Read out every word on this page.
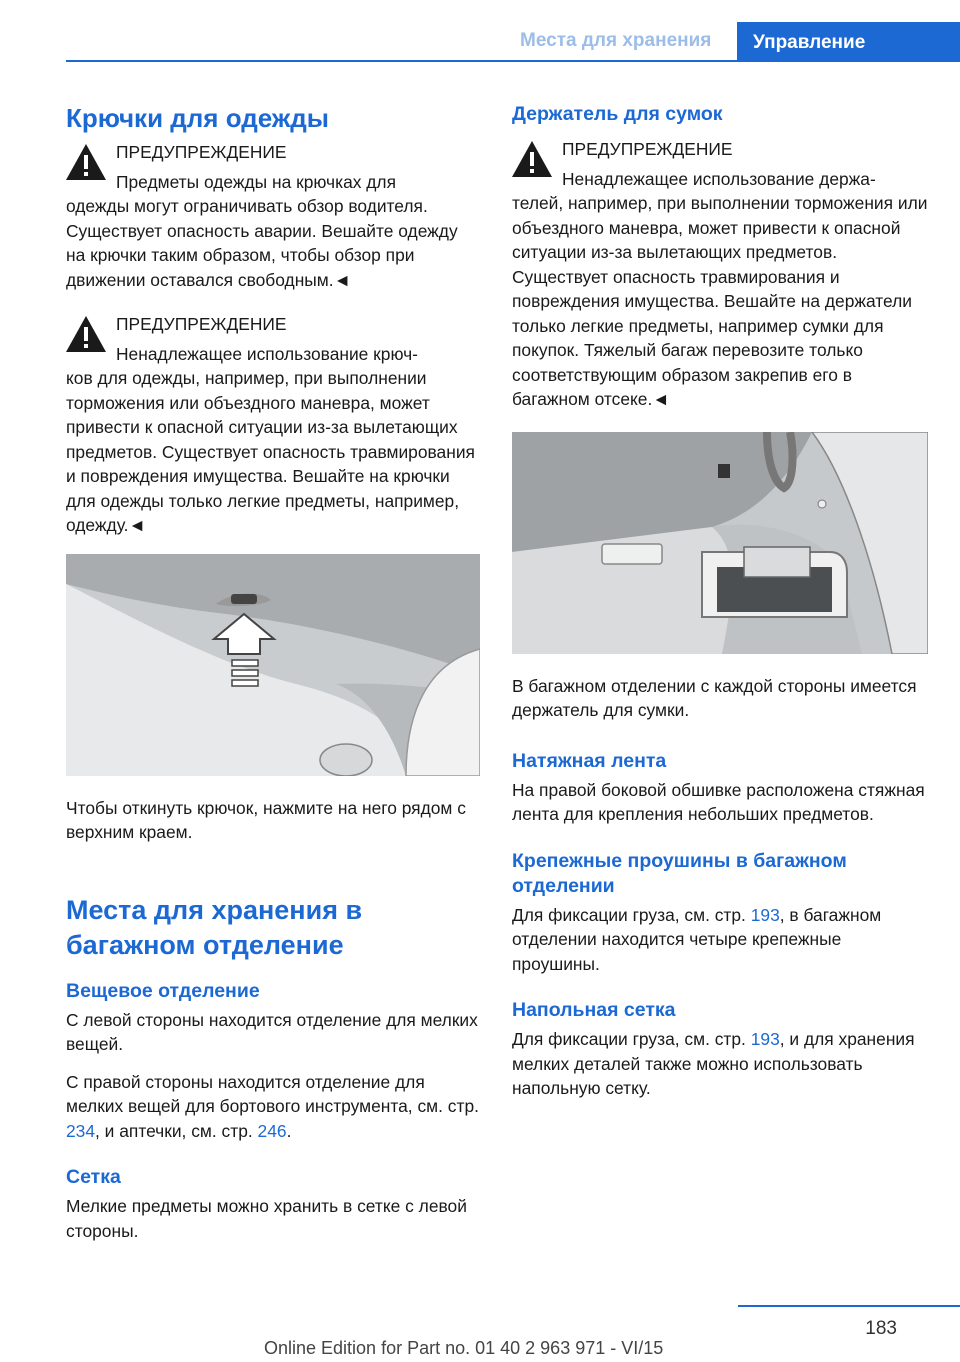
Места для хранения	Управление
Крючки для одежды
ПРЕДУПРЕЖДЕНИЕ
Предметы одежды на крючках для

одежды могут ограничивать обзор водителя. Существует опасность аварии. Вешайте одежду на крючки таким образом, чтобы обзор при движении оставался свободным.◄

ПРЕДУПРЕЖДЕНИЕ
Ненадлежащее использование крюч-

ков для одежды, например, при выполнении торможения или объездного маневра, может привести к опасной ситуации из-за вылетающих предметов. Существует опасность травмирования и повреждения имущества. Вешайте на крючки для одежды только легкие предметы, например, одежду.◄

Чтобы откинуть крючок, нажмите на него рядом с верхним краем.

Места для хранения в багажном отделение
Вещевое отделение

С левой стороны находится отделение для мелких вещей.

С правой стороны находится отделение для мелких вещей для бортового инструмента, см. стр. 234, и аптечки, см. стр. 246.

Сетка

Мелкие предметы можно хранить в сетке с левой стороны.

Держатель для сумок
ПРЕДУПРЕЖДЕНИЕ
Ненадлежащее использование держа-

телей, например, при выполнении торможения или объездного маневра, может привести к опасной ситуации из-за вылетающих предметов. Существует опасность травмирования и повреждения имущества. Вешайте на держатели только легкие предметы, например сумки для покупок. Тяжелый багаж перевозите только соответствующим образом закрепив его в багажном отсеке.◄

В багажном отделении с каждой стороны имеется держатель для сумки.

Натяжная лента

На правой боковой обшивке расположена стяжная лента для крепления небольших предметов.

Крепежные проушины в багажном отделении

Для фиксации груза, см. стр. 193, в багажном отделении находится четыре крепежные проушины.

Напольная сетка

Для фиксации груза, см. стр. 193, и для хранения мелких деталей также можно использовать напольную сетку.

183
Online Edition for Part no. 01 40 2 963 971 - VI/15
